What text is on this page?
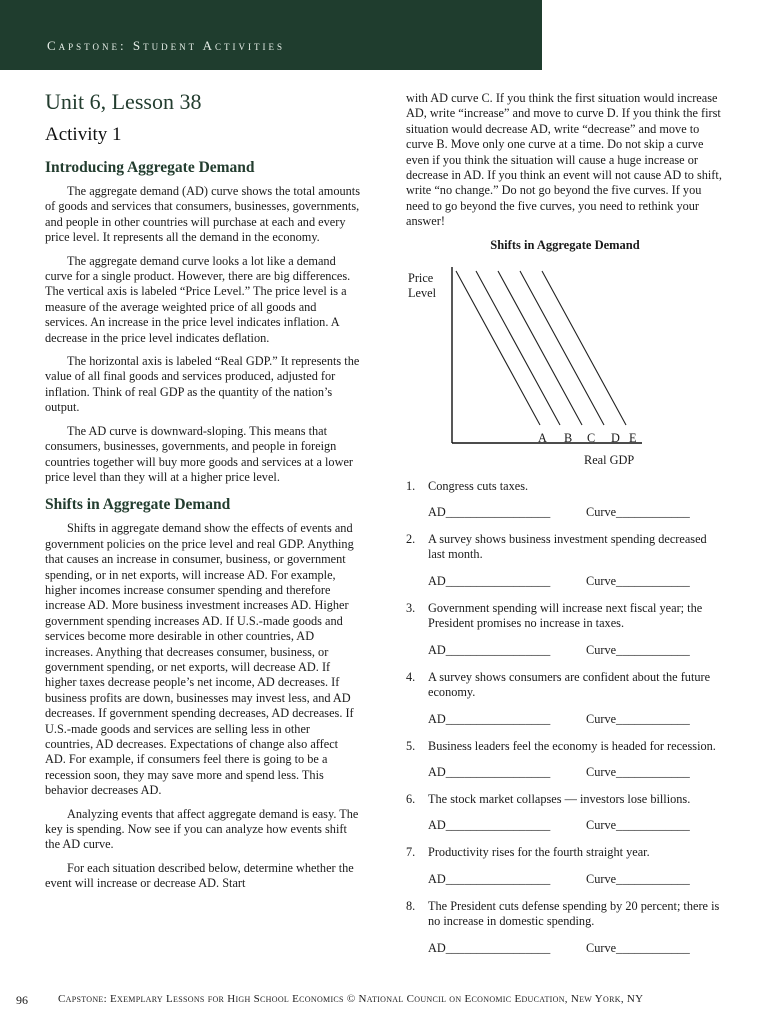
Capstone: Student Activities
Unit 6, Lesson 38
Activity 1
Introducing Aggregate Demand

The aggregate demand (AD) curve shows the total amounts of goods and services that consumers, businesses, governments, and people in other countries will purchase at each and every price level. It represents all the demand in the economy.

The aggregate demand curve looks a lot like a demand curve for a single product. However, there are big differences. The vertical axis is labeled “Price Level.” The price level is a measure of the average weighted price of all goods and services. An increase in the price level indicates inflation. A decrease in the price level indicates deflation.

The horizontal axis is labeled “Real GDP.” It represents the value of all final goods and services produced, adjusted for inflation. Think of real GDP as the quantity of the nation’s output.

The AD curve is downward-sloping. This means that consumers, businesses, governments, and people in foreign countries together will buy more goods and services at a lower price level than they will at a higher price level.

Shifts in Aggregate Demand

Shifts in aggregate demand show the effects of events and government policies on the price level and real GDP. Anything that causes an increase in consumer, business, or government spending, or in net exports, will increase AD. For example, higher incomes increase consumer spending and therefore increase AD. More business investment increases AD. Higher government spending increases AD. If U.S.-made goods and services become more desirable in other countries, AD increases. Anything that decreases consumer, business, or government spending, or net exports, will decrease AD. If higher taxes decrease people’s net income, AD decreases. If business profits are down, businesses may invest less, and AD decreases. If government spending decreases, AD decreases. If U.S.-made goods and services are selling less in other countries, AD decreases. Expectations of change also affect AD. For example, if consumers feel there is going to be a recession soon, they may save more and spend less. This behavior decreases AD.

Analyzing events that affect aggregate demand is easy. The key is spending. Now see if you can analyze how events shift the AD curve.

For each situation described below, determine whether the event will increase or decrease AD. Start

with AD curve C. If you think the first situation would increase AD, write “increase” and move to curve D. If you think the first situation would decrease AD, write “decrease” and move to curve B. Move only one curve at a time. Do not skip a curve even if you think the situation will cause a huge increase or decrease in AD. If you think an event will not cause AD to shift, write “no change.” Do not go beyond the five curves. If you need to go beyond the five curves, you need to rethink your answer!

Shifts in Aggregate Demand
Price Level
A B C D E
Real GDP
1. Congress cuts taxes.
AD_________________	Curve____________
2. A survey shows business investment spending decreased last month.
AD_________________	Curve____________
3. Government spending will increase next fiscal year; the President promises no increase in taxes.
AD_________________	Curve____________
4. A survey shows consumers are confident about the future economy.
AD_________________	Curve____________
5. Business leaders feel the economy is headed for recession.
AD_________________	Curve____________
6. The stock market collapses — investors lose billions.
AD_________________	Curve____________
7. Productivity rises for the fourth straight year.
AD_________________	Curve____________
8. The President cuts defense spending by 20 percent; there is no increase in domestic spending.
AD_________________	Curve____________
96	Capstone: Exemplary Lessons for High School Economics © National Council on Economic Education, New York, NY
